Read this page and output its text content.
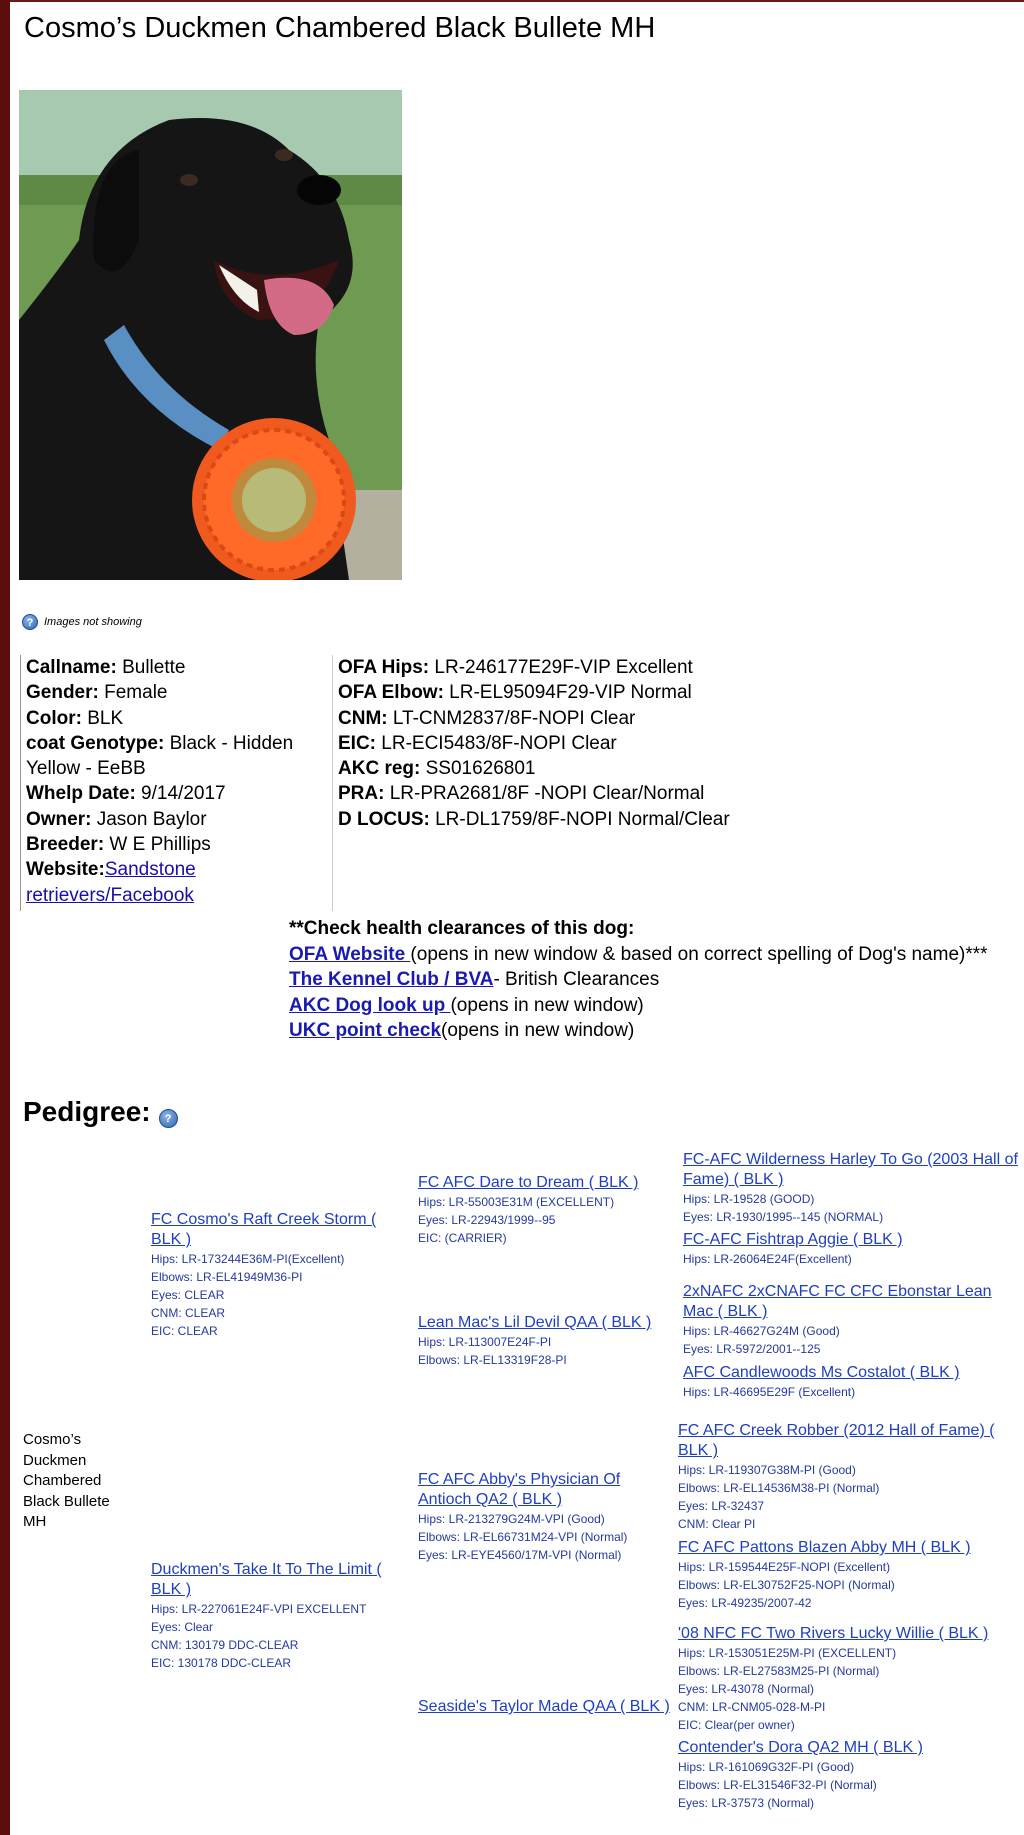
Cosmo’s Duckmen Chambered Black Bullete MH
? Images not showing
Callname: Bullette
Gender: Female
Color: BLK
coat Genotype: Black - Hidden Yellow - EeBB
Whelp Date: 9/14/2017
Owner: Jason Baylor
Breeder: W E Phillips
Website:Sandstone retrievers/Facebook
OFA Hips: LR-246177E29F-VIP Excellent
OFA Elbow: LR-EL95094F29-VIP Normal
CNM: LT-CNM2837/8F-NOPI Clear
EIC: LR-ECI5483/8F-NOPI Clear
AKC reg: SS01626801
PRA: LR-PRA2681/8F -NOPI Clear/Normal
D LOCUS: LR-DL1759/8F-NOPI Normal/Clear
**Check health clearances of this dog:
OFA Website (opens in new window & based on correct spelling of Dog's name)***
The Kennel Club / BVA- British Clearances
AKC Dog look up (opens in new window)
UKC point check(opens in new window)
Pedigree:	?
Cosmo’s Duckmen Chambered Black Bullete MH
FC Cosmo's Raft Creek Storm ( BLK )
Hips: LR-173244E36M-PI(Excellent)
Elbows: LR-EL41949M36-PI
Eyes: CLEAR
CNM: CLEAR
EIC: CLEAR
Duckmen's Take It To The Limit ( BLK )
Hips: LR-227061E24F-VPI EXCELLENT
Eyes: Clear
CNM: 130179 DDC-CLEAR
EIC: 130178 DDC-CLEAR
FC AFC Dare to Dream ( BLK )
Hips: LR-55003E31M (EXCELLENT)
Eyes: LR-22943/1999--95
EIC: (CARRIER)
Lean Mac's Lil Devil QAA ( BLK )
Hips: LR-113007E24F-PI
Elbows: LR-EL13319F28-PI
FC AFC Abby's Physician Of Antioch QA2 ( BLK )
Hips: LR-213279G24M-VPI (Good)
Elbows: LR-EL66731M24-VPI (Normal)
Eyes: LR-EYE4560/17M-VPI (Normal)
Seaside's Taylor Made QAA ( BLK )
FC-AFC Wilderness Harley To Go (2003 Hall of Fame) ( BLK )
Hips: LR-19528 (GOOD)
Eyes: LR-1930/1995--145 (NORMAL)
FC-AFC Fishtrap Aggie ( BLK )
Hips: LR-26064E24F(Excellent)
2xNAFC 2xCNAFC FC CFC Ebonstar Lean Mac ( BLK )
Hips: LR-46627G24M (Good)
Eyes: LR-5972/2001--125
AFC Candlewoods Ms Costalot ( BLK )
Hips: LR-46695E29F (Excellent)
FC AFC Creek Robber (2012 Hall of Fame) ( BLK )
Hips: LR-119307G38M-PI (Good)
Elbows: LR-EL14536M38-PI (Normal)
Eyes: LR-32437
CNM: Clear PI
FC AFC Pattons Blazen Abby MH ( BLK )
Hips: LR-159544E25F-NOPI (Excellent)
Elbows: LR-EL30752F25-NOPI (Normal)
Eyes: LR-49235/2007-42
'08 NFC FC Two Rivers Lucky Willie ( BLK )
Hips: LR-153051E25M-PI (EXCELLENT)
Elbows: LR-EL27583M25-PI (Normal)
Eyes: LR-43078 (Normal)
CNM: LR-CNM05-028-M-PI
EIC: Clear(per owner)
Contender's Dora QA2 MH ( BLK )
Hips: LR-161069G32F-PI (Good)
Elbows: LR-EL31546F32-PI (Normal)
Eyes: LR-37573 (Normal)
